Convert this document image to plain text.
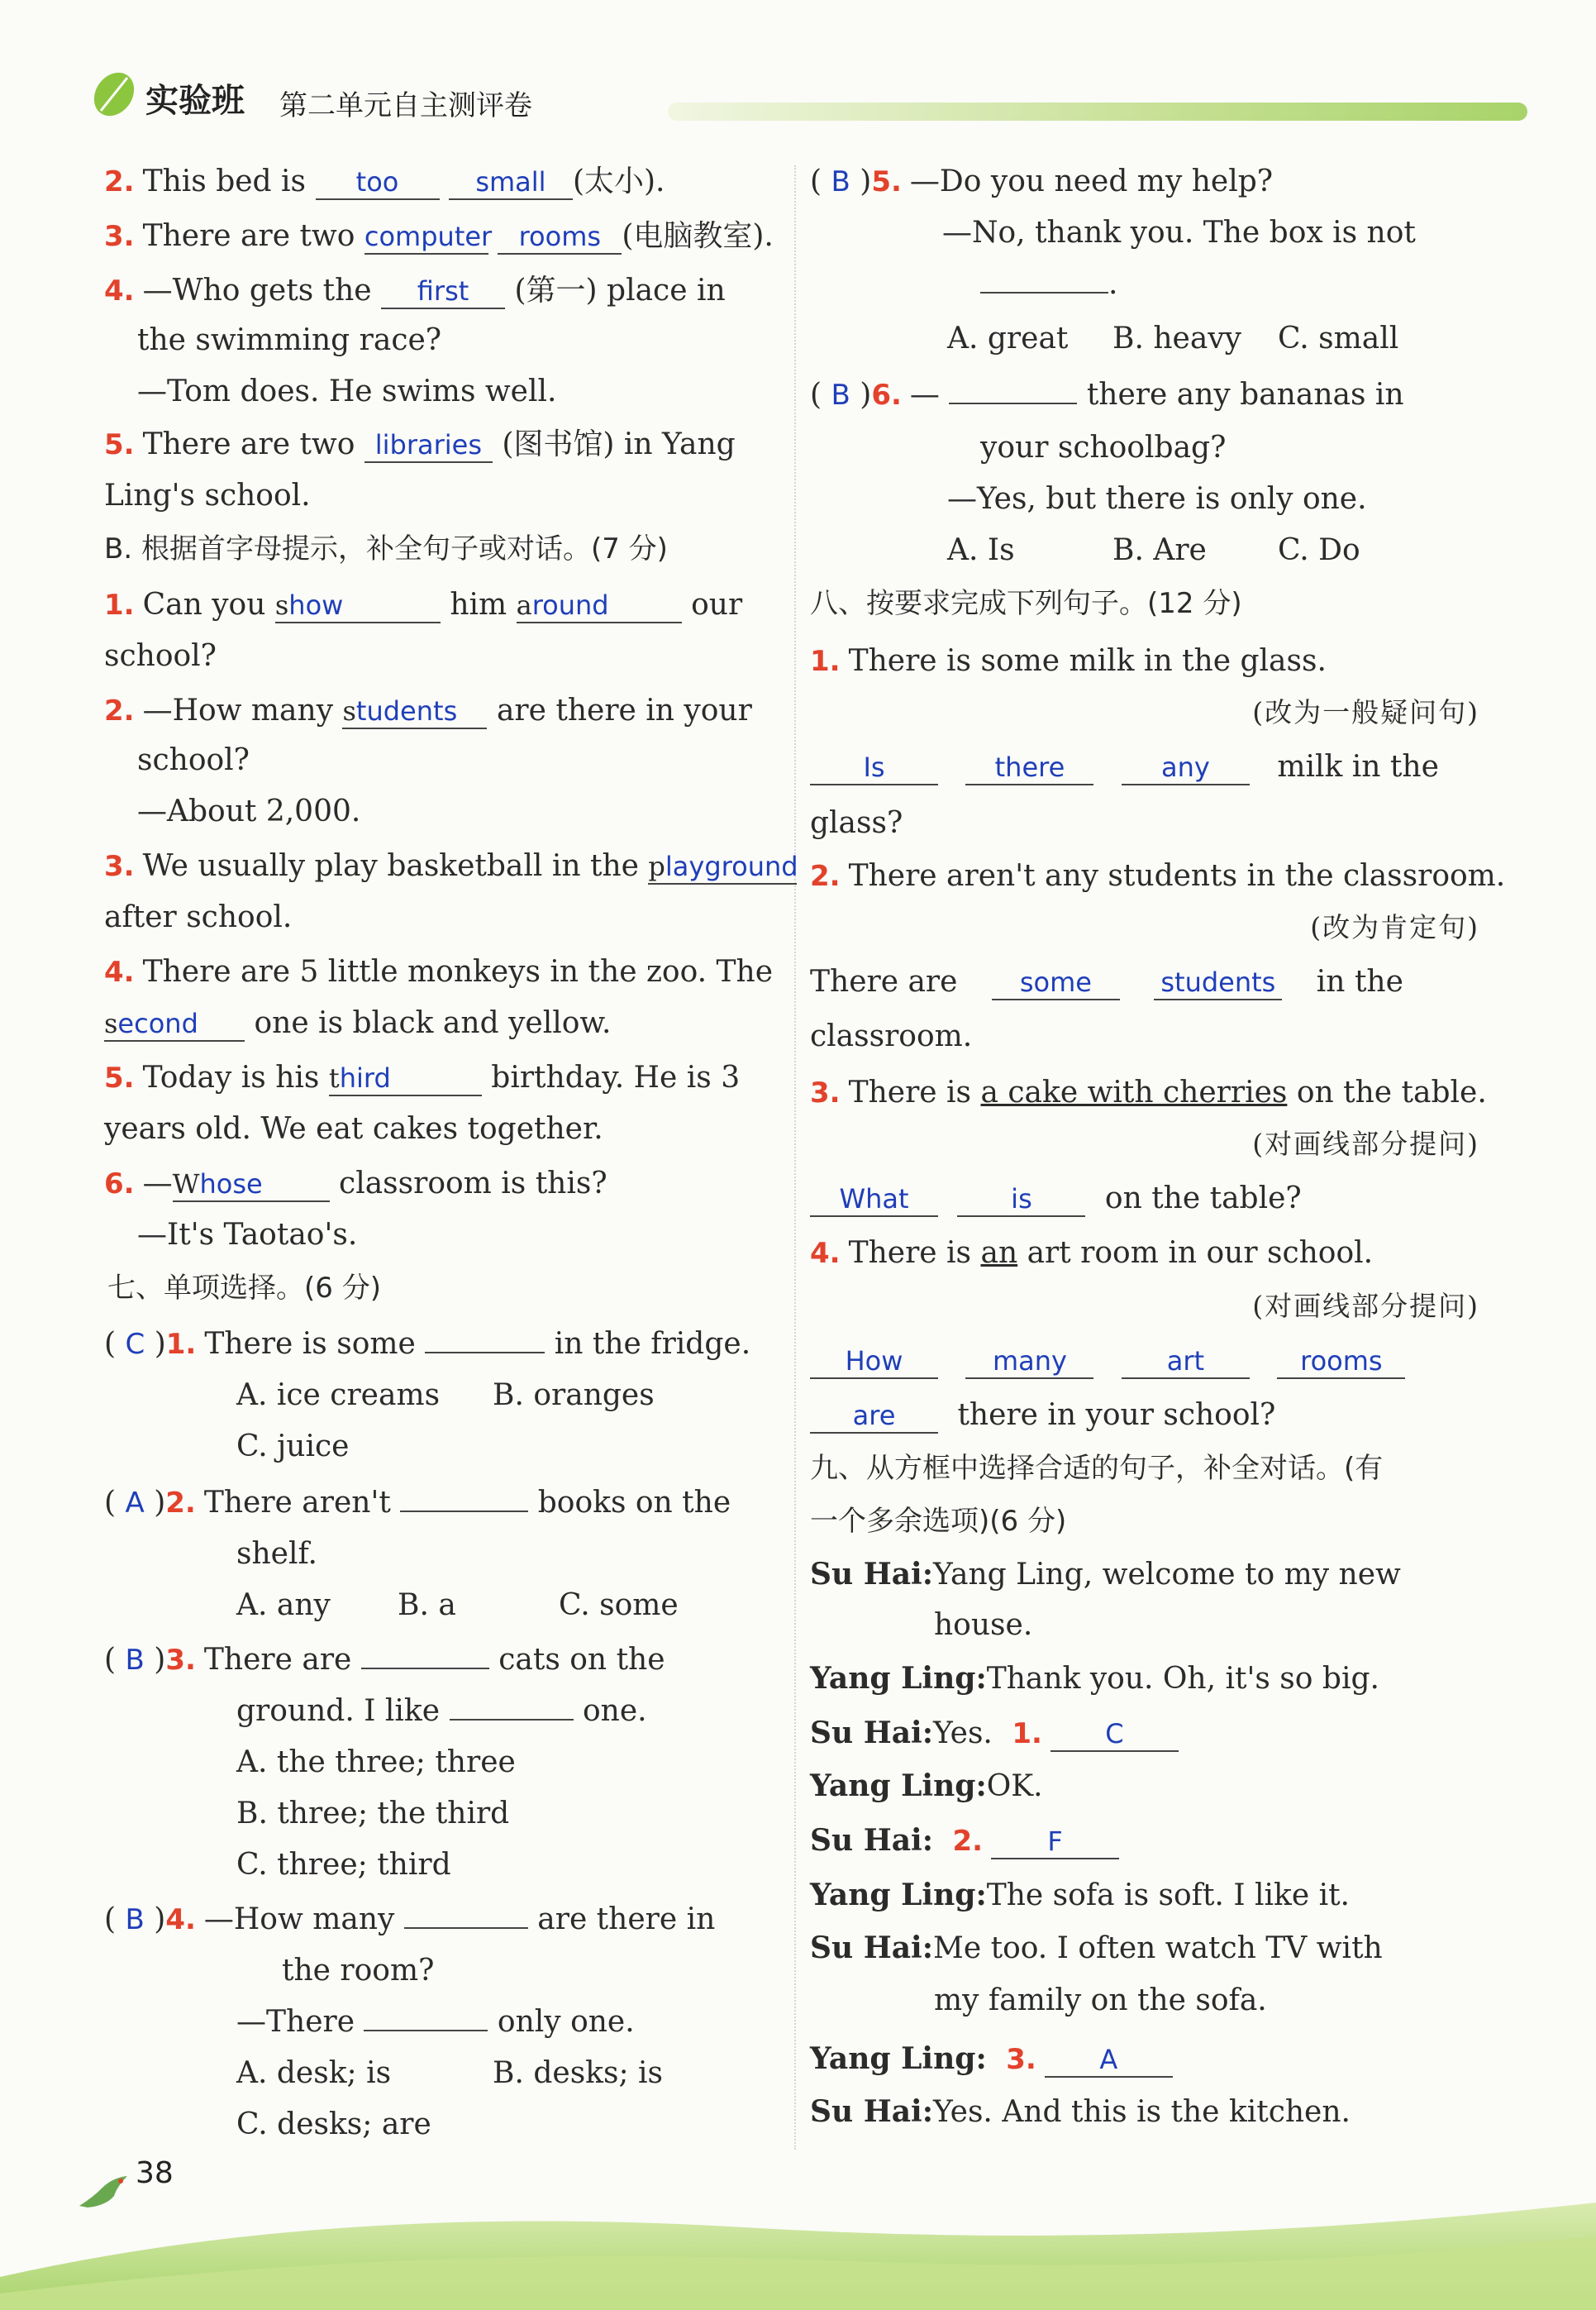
实验班 第二单元自主测评卷
2. This bed is too	small (太小).
3. There are two computer rooms (电脑教室).
4. —Who gets the first (第一) place in
the swimming race?
—Tom does. He swims well.
5. There are two libraries (图书馆) in Yang
Ling's school.
B. 根据首字母提示，补全句子或对话。(7 分)
1. Can you show	him around	our
school?
2. —How many students are there in your
school?
—About 2,000.
3. We usually play basketball in the playground
after school.
4. There are 5 little monkeys in the zoo. The
second one is black and yellow.
5. Today is his third	birthday. He is 3
years old. We eat cakes together.
6. —Whose	classroom is this?
—It's Taotao's.
七、单项选择。(6 分)
( C )1. There is some	in the fridge.
A. ice creams B. oranges
C. juice
( A )2. There aren't	books on the
shelf.
A. any B. a	C. some
( B )3. There are	cats on the
ground. I like	one.
A. the three; three
B. three; the third
C. three; third
( B )4. —How many	are there in
the room?
—There	only one.
A. desk; is	B. desks; is
C. desks; are
( B )5. —Do you need my help?
—No, thank you. The box is not
.
A. great B. heavy C. small
( B )6. —	there any bananas in
your schoolbag?
—Yes, but there is only one.
A. Is	B. Are C. Do
八、按要求完成下列句子。(12 分)
1. There is some milk in the glass.
(改为一般疑问句)
Is	there	any milk in the
glass?
2. There aren't any students in the classroom.
(改为肯定句)
There are some	students in the
classroom.
3. There is a cake with cherries on the table.
(对画线部分提问)
What	is on the table?
4. There is an art room in our school.
(对画线部分提问)
How	many	art	rooms
are there in your school?
九、从方框中选择合适的句子，补全对话。(有
一个多余选项)(6 分)
Su Hai:Yang Ling, welcome to my new
house.
Yang Ling:Thank you. Oh, it's so big.
Su Hai:Yes. 1. C
Yang Ling:OK.
Su Hai: 2. F
Yang Ling:The sofa is soft. I like it.
Su Hai:Me too. I often watch TV with
my family on the sofa.
Yang Ling: 3. A
Su Hai:Yes. And this is the kitchen.
38
